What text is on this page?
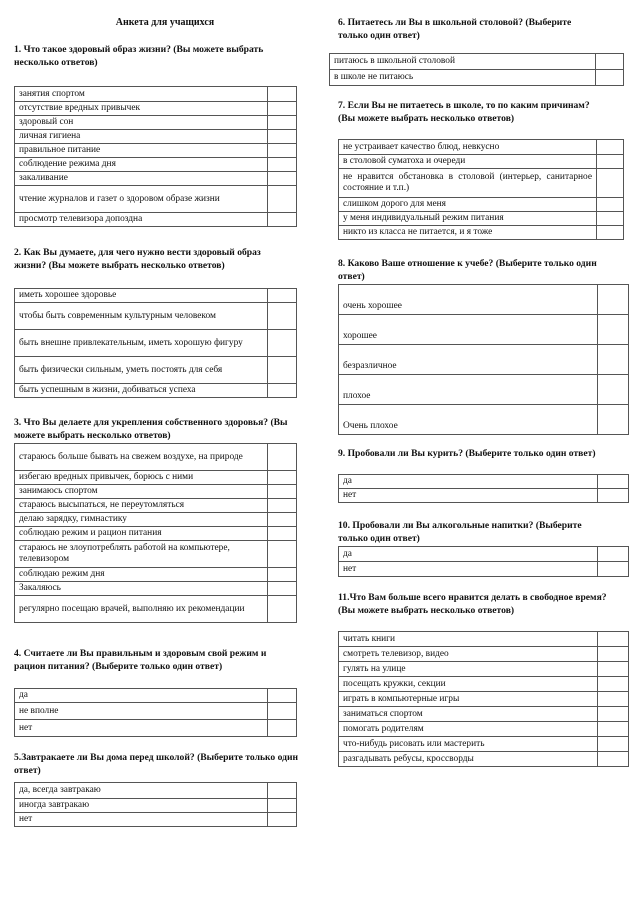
Анкета для учащихся

1. Что такое здоровый образ жизни? (Вы можете выбрать несколько ответов)

занятия спортом	
отсутствие вредных привычек	
здоровый сон	
личная гигиена	
правильное питание	
соблюдение режима дня	
закаливание	
чтение журналов и газет о здоровом образе жизни	
просмотр телевизора допоздна	

2. Как Вы думаете, для чего нужно вести здоровый образ жизни? (Вы можете выбрать несколько ответов)

иметь хорошее здоровье	
чтобы быть современным культурным человеком	
быть внешне привлекательным, иметь хорошую фигуру	
быть физически сильным, уметь постоять для себя	
быть успешным в жизни, добиваться успеха	

3. Что Вы делаете для укрепления собственного здоровья? (Вы можете выбрать несколько ответов)

стараюсь больше бывать на свежем воздухе, на природе	
избегаю вредных привычек, борюсь с ними	
занимаюсь спортом	
стараюсь высыпаться, не переутомляться	
делаю зарядку, гимнастику	
соблюдаю режим и рацион питания	
стараюсь не злоупотреблять работой на компьютере, телевизором	
соблюдаю режим дня	
Закаляюсь	
регулярно посещаю врачей, выполняю их рекомендации	

4. Считаете ли Вы правильным и здоровым свой режим и рацион питания? (Выберите только один ответ)

да	
не вполне	
нет	

5.Завтракаете ли Вы дома перед школой? (Выберите только один ответ)

да, всегда завтракаю	
иногда завтракаю	
нет	

6. Питаетесь ли Вы в школьной столовой? (Выберите только один ответ)

питаюсь в школьной столовой	
в школе не питаюсь	

7. Если Вы не питаетесь в школе, то по каким причинам? (Вы можете выбрать несколько ответов)

не устраивает качество блюд, невкусно	
в столовой суматоха и очереди	
не нравится обстановка в столовой (интерьер, санитарное состояние и т.п.)	
слишком дорого для меня	
у меня индивидуальный режим питания	
никто из класса не питается, и я тоже	

8. Каково Ваше отношение к учебе? (Выберите только один ответ)

очень хорошее	
хорошее	
безразличное	
плохое	
Очень плохое	

9. Пробовали ли Вы курить? (Выберите только один ответ)

да	
нет	

10. Пробовали ли Вы алкогольные напитки? (Выберите только один ответ)

да	
нет	

11.Что Вам больше всего нравится делать в свободное время? (Вы можете выбрать несколько ответов)

читать книги	
смотреть телевизор, видео	
гулять на улице	
посещать кружки, секции	
играть в компьютерные игры	
заниматься спортом	
помогать родителям	
что-нибудь рисовать или мастерить	
разгадывать ребусы, кроссворды	
